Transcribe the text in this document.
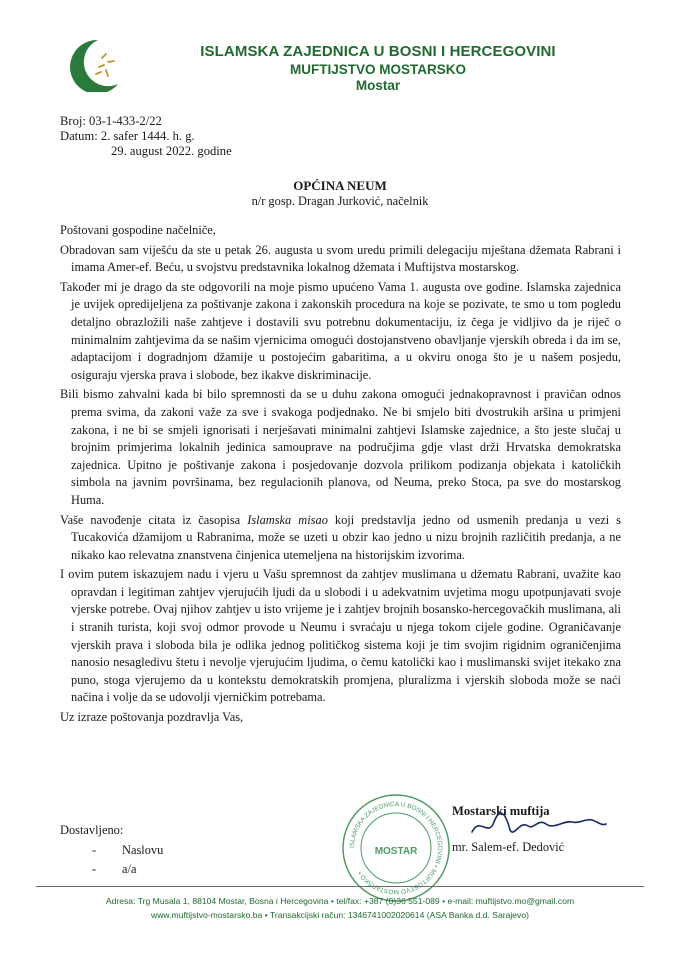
ISLAMSKA ZAJEDNICA U BOSNI I HERCEGOVINI
MUFTIJSTVO MOSTARSKO
Mostar
Broj: 03-1-433-2/22
Datum: 2. safer 1444. h. g.
29. august 2022. godine
OPĆINA NEUM
n/r gosp. Dragan Jurković, načelnik

Poštovani gospodine načelniče,

Obradovan sam viješću da ste u petak 26. augusta u svom uredu primili delegaciju mještana džemata Rabrani i imama Amer-ef. Beću, u svojstvu predstavnika lokalnog džemata i Muftijstva mostarskog.

Također mi je drago da ste odgovorili na moje pismo upućeno Vama 1. augusta ove godine. Islamska zajednica je uvijek opredijeljena za poštivanje zakona i zakonskih procedura na koje se pozivate, te smo u tom pogledu detaljno obrazložili naše zahtjeve i dostavili svu potrebnu dokumentaciju, iz čega je vidljivo da je riječ o minimalnim zahtjevima da se našim vjernicima omogući dostojanstveno obavljanje vjerskih obreda i da im se, adaptacijom i dogradnjom džamije u postojećim gabaritima, a u okviru onoga što je u našem posjedu, osiguraju vjerska prava i slobode, bez ikakve diskriminacije.

Bili bismo zahvalni kada bi bilo spremnosti da se u duhu zakona omogući jednakopravnost i pravičan odnos prema svima, da zakoni važe za sve i svakoga podjednako. Ne bi smjelo biti dvostrukih aršina u primjeni zakona, i ne bi se smjeli ignorisati i nerješavati minimalni zahtjevi Islamske zajednice, a što jeste slučaj u brojnim primjerima lokalnih jedinica samouprave na područjima gdje vlast drži Hrvatska demokratska zajednica. Upitno je poštivanje zakona i posjedovanje dozvola prilikom podizanja objekata i katoličkih simbola na javnim površinama, bez regulacionih planova, od Neuma, preko Stoca, pa sve do mostarskog Huma.

Vaše navođenje citata iz časopisa Islamska misao koji predstavlja jedno od usmenih predanja u vezi s Tucakovića džamijom u Rabranima, može se uzeti u obzir kao jedno u nizu brojnih različitih predanja, a ne nikako kao relevatna znanstvena činjenica utemeljena na historijskim izvorima.

I ovim putem iskazujem nadu i vjeru u Vašu spremnost da zahtjev muslimana u džematu Rabrani, uvažite kao opravdan i legitiman zahtjev vjerujućih ljudi da u slobodi i u adekvatnim uvjetima mogu upotpunjavati svoje vjerske potrebe. Ovaj njihov zahtjev u isto vrijeme je i zahtjev brojnih bosansko-hercegovačkih muslimana, ali i stranih turista, koji svoj odmor provode u Neumu i svraćaju u njega tokom cijele godine. Ograničavanje vjerskih prava i sloboda bila je odlika jednog političkog sistema koji je tim svojim rigidnim ograničenjima nanosio nesagledivu štetu i nevolje vjerujućim ljudima, o čemu katolički kao i muslimanski svijet itekako zna puno, stoga vjerujemo da u kontekstu demokratskih promjena, pluralizma i vjerskih sloboda može se naći načina i volje da se udovolji vjerničkim potrebama.

Uz izraze poštovanja pozdravlja Vas,

ISLAMSKA ZAJEDNICA U BOSNI I HERCEGOVINI • MUFTIJSTVO MOSTARSKO •
MOSTAR
Mostarski muftija
mr. Salem-ef. Dedović
Dostavljeno:
- Naslovu
- a/a
Adresa: Trg Musala 1, 88104 Mostar, Bosna i Hercegovina • tel/fax: +387 (0)36 551-089 • e-mail: muftijstvo.mo@gmail.com
www.muftijstvo-mostarsko.ba • Transakcijski račun: 1346741002020614 (ASA Banka d.d. Sarajevo)
